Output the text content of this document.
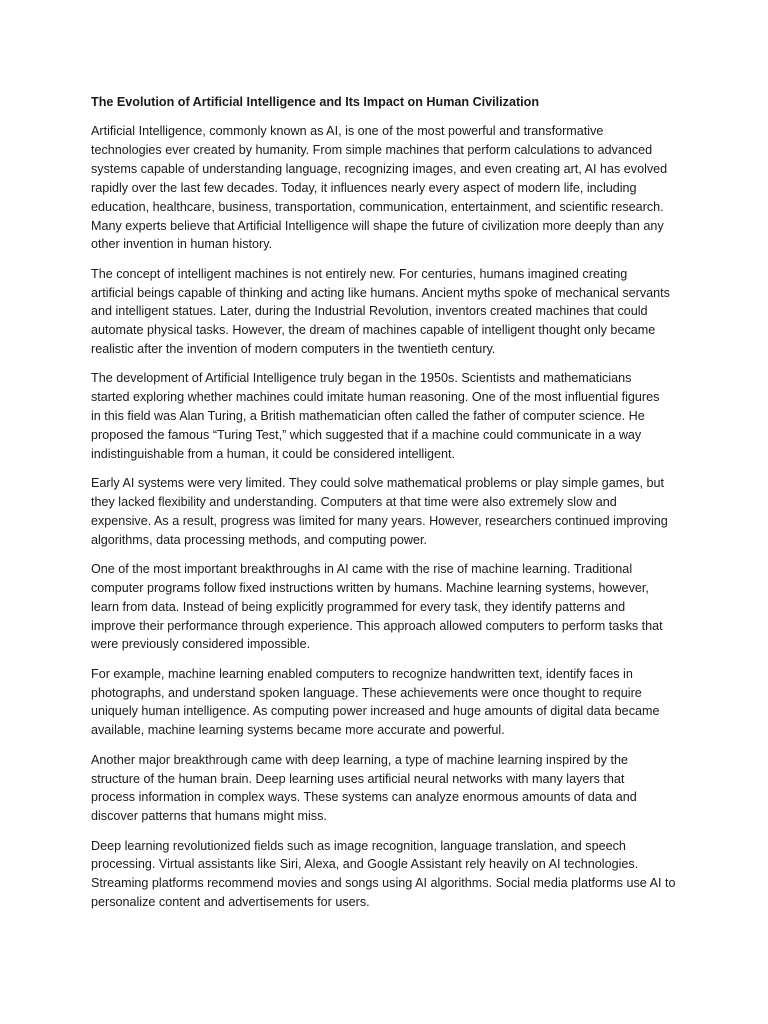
The Evolution of Artificial Intelligence and Its Impact on Human Civilization
Artificial Intelligence, commonly known as AI, is one of the most powerful and transformative
technologies ever created by humanity. From simple machines that perform calculations to advanced
systems capable of understanding language, recognizing images, and even creating art, AI has evolved
rapidly over the last few decades. Today, it influences nearly every aspect of modern life, including
education, healthcare, business, transportation, communication, entertainment, and scientific research.
Many experts believe that Artificial Intelligence will shape the future of civilization more deeply than any
other invention in human history.
The concept of intelligent machines is not entirely new. For centuries, humans imagined creating
artificial beings capable of thinking and acting like humans. Ancient myths spoke of mechanical servants
and intelligent statues. Later, during the Industrial Revolution, inventors created machines that could
automate physical tasks. However, the dream of machines capable of intelligent thought only became
realistic after the invention of modern computers in the twentieth century.
The development of Artificial Intelligence truly began in the 1950s. Scientists and mathematicians
started exploring whether machines could imitate human reasoning. One of the most influential figures
in this field was Alan Turing, a British mathematician often called the father of computer science. He
proposed the famous “Turing Test,” which suggested that if a machine could communicate in a way
indistinguishable from a human, it could be considered intelligent.
Early AI systems were very limited. They could solve mathematical problems or play simple games, but
they lacked flexibility and understanding. Computers at that time were also extremely slow and
expensive. As a result, progress was limited for many years. However, researchers continued improving
algorithms, data processing methods, and computing power.
One of the most important breakthroughs in AI came with the rise of machine learning. Traditional
computer programs follow fixed instructions written by humans. Machine learning systems, however,
learn from data. Instead of being explicitly programmed for every task, they identify patterns and
improve their performance through experience. This approach allowed computers to perform tasks that
were previously considered impossible.
For example, machine learning enabled computers to recognize handwritten text, identify faces in
photographs, and understand spoken language. These achievements were once thought to require
uniquely human intelligence. As computing power increased and huge amounts of digital data became
available, machine learning systems became more accurate and powerful.
Another major breakthrough came with deep learning, a type of machine learning inspired by the
structure of the human brain. Deep learning uses artificial neural networks with many layers that
process information in complex ways. These systems can analyze enormous amounts of data and
discover patterns that humans might miss.
Deep learning revolutionized fields such as image recognition, language translation, and speech
processing. Virtual assistants like Siri, Alexa, and Google Assistant rely heavily on AI technologies.
Streaming platforms recommend movies and songs using AI algorithms. Social media platforms use AI to
personalize content and advertisements for users.
